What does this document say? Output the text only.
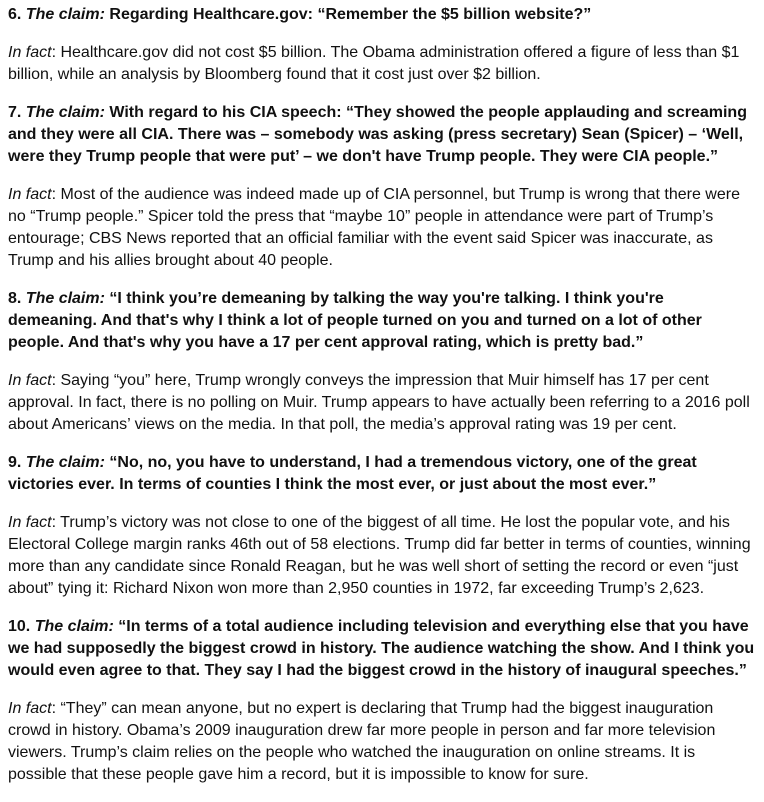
6. The claim: Regarding Healthcare.gov: “Remember the $5 billion website?”

In fact: Healthcare.gov did not cost $5 billion. The Obama administration offered a figure of less than $1 billion, while an analysis by Bloomberg found that it cost just over $2 billion.

7. The claim: With regard to his CIA speech: “They showed the people applauding and screaming and they were all CIA. There was – somebody was asking (press secretary) Sean (Spicer) – ‘Well, were they Trump people that were put’ – we don't have Trump people. They were CIA people.”

In fact: Most of the audience was indeed made up of CIA personnel, but Trump is wrong that there were no “Trump people.” Spicer told the press that “maybe 10” people in attendance were part of Trump’s entourage; CBS News reported that an official familiar with the event said Spicer was inaccurate, as Trump and his allies brought about 40 people.

8. The claim: “I think you’re demeaning by talking the way you're talking. I think you're demeaning. And that's why I think a lot of people turned on you and turned on a lot of other people. And that's why you have a 17 per cent approval rating, which is pretty bad.”

In fact: Saying “you” here, Trump wrongly conveys the impression that Muir himself has 17 per cent approval. In fact, there is no polling on Muir. Trump appears to have actually been referring to a 2016 poll about Americans’ views on the media. In that poll, the media’s approval rating was 19 per cent.

9. The claim: “No, no, you have to understand, I had a tremendous victory, one of the great victories ever. In terms of counties I think the most ever, or just about the most ever.”

In fact: Trump’s victory was not close to one of the biggest of all time. He lost the popular vote, and his Electoral College margin ranks 46th out of 58 elections. Trump did far better in terms of counties, winning more than any candidate since Ronald Reagan, but he was well short of setting the record or even “just about” tying it: Richard Nixon won more than 2,950 counties in 1972, far exceeding Trump’s 2,623.

10. The claim: “In terms of a total audience including television and everything else that you have we had supposedly the biggest crowd in history. The audience watching the show. And I think you would even agree to that. They say I had the biggest crowd in the history of inaugural speeches.”

In fact: “They” can mean anyone, but no expert is declaring that Trump had the biggest inauguration crowd in history. Obama’s 2009 inauguration drew far more people in person and far more television viewers. Trump’s claim relies on the people who watched the inauguration on online streams. It is possible that these people gave him a record, but it is impossible to know for sure.
